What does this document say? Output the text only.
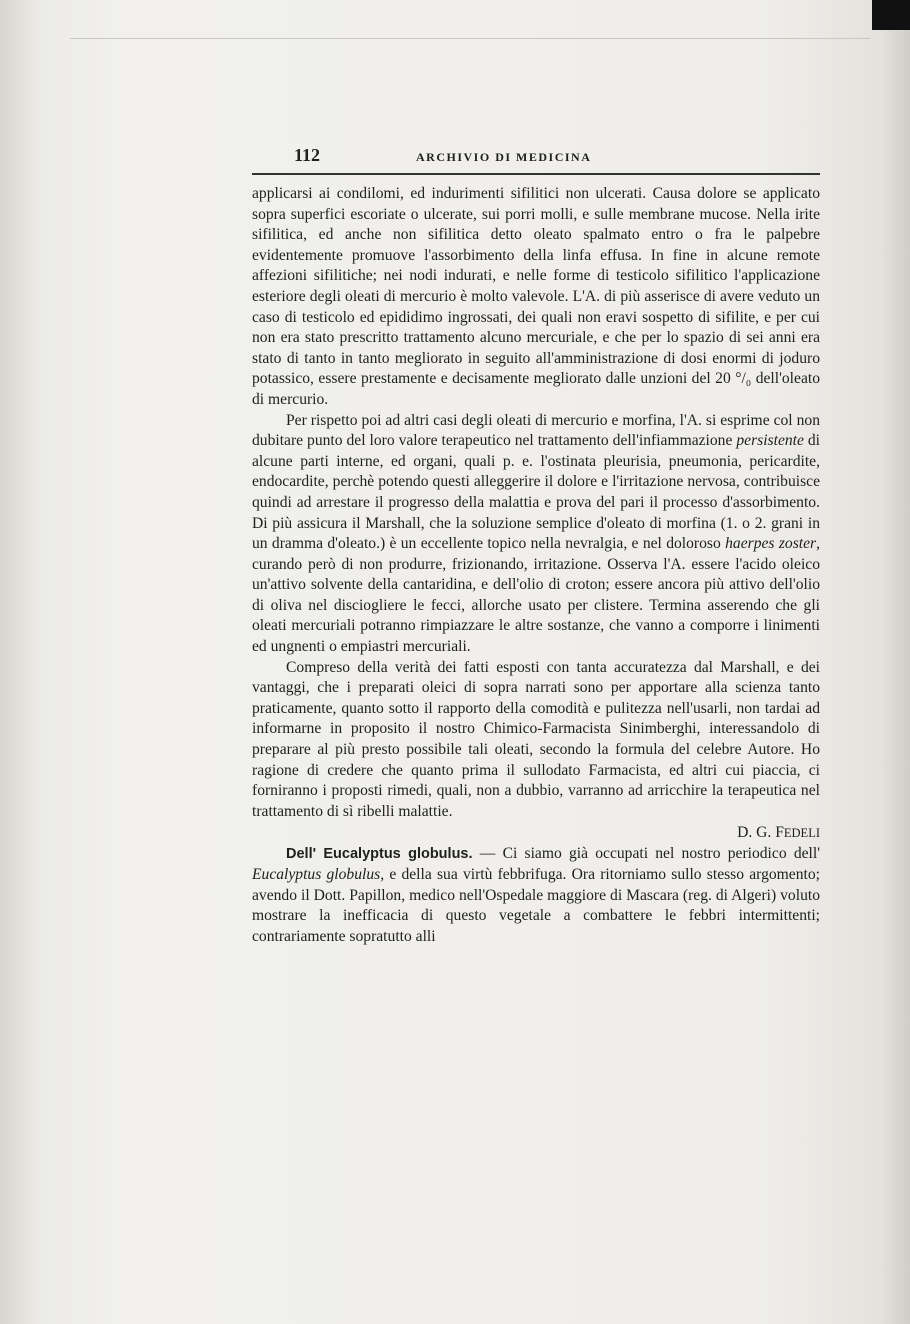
112	ARCHIVIO DI MEDICINA

applicarsi ai condilomi, ed indurimenti sifilitici non ulcerati. Causa dolore se applicato sopra superfici escoriate o ulcerate, sui porri molli, e sulle membrane mucose. Nella irite sifilitica, ed anche non sifilitica detto oleato spalmato entro o fra le palpebre evidentemente promuove l'assorbimento della linfa effusa. In fine in alcune remote affezioni sifilitiche; nei nodi indurati, e nelle forme di testicolo sifilitico l'applicazione esteriore degli oleati di mercurio è molto valevole. L'A. di più asserisce di avere veduto un caso di testicolo ed epididimo ingrossati, dei quali non eravi sospetto di sifilite, e per cui non era stato prescritto trattamento alcuno mercuriale, e che per lo spazio di sei anni era stato di tanto in tanto megliorato in seguito all'amministrazione di dosi enormi di joduro potassico, essere prestamente e decisamente megliorato dalle unzioni del 20 °/₀ dell'oleato di mercurio.

Per rispetto poi ad altri casi degli oleati di mercurio e morfina, l'A. si esprime col non dubitare punto del loro valore terapeutico nel trattamento dell'infiammazione persistente di alcune parti interne, ed organi, quali p. e. l'ostinata pleurisia, pneumonia, pericardite, endocardite, perchè potendo questi alleggerire il dolore e l'irritazione nervosa, contribuisce quindi ad arrestare il progresso della malattia e prova del pari il processo d'assorbimento. Di più assicura il Marshall, che la soluzione semplice d'oleato di morfina (1. o 2. grani in un dramma d'oleato.) è un eccellente topico nella nevralgia, e nel doloroso haerpes zoster, curando però di non produrre, frizionando, irritazione. Osserva l'A. essere l'acido oleico un'attivo solvente della cantaridina, e dell'olio di croton; essere ancora più attivo dell'olio di oliva nel disciogliere le fecci, allorche usato per clistere. Termina asserendo che gli oleati mercuriali potranno rimpiazzare le altre sostanze, che vanno a comporre i linimenti ed ungnenti o empiastri mercuriali.

Compreso della verità dei fatti esposti con tanta accuratezza dal Marshall, e dei vantaggi, che i preparati oleici di sopra narrati sono per apportare alla scienza tanto praticamente, quanto sotto il rapporto della comodità e pulitezza nell'usarli, non tardai ad informarne in proposito il nostro Chimico-Farmacista Sinimberghi, interessandolo di preparare al più presto possibile tali oleati, secondo la formula del celebre Autore. Ho ragione di credere che quanto prima il sullodato Farmacista, ed altri cui piaccia, ci forniranno i proposti rimedi, quali, non a dubbio, varranno ad arricchire la terapeutica nel trattamento di sì ribelli malattie.

D. G. FEDELI

Dell' Eucalyptus globulus. — Ci siamo già occupati nel nostro periodico dell' Eucalyptus globulus, e della sua virtù febbrifuga. Ora ritorniamo sullo stesso argomento; avendo il Dott. Papillon, medico nell'Ospedale maggiore di Mascara (reg. di Algeri) voluto mostrare la inefficacia di questo vegetale a combattere le febbri intermittenti; contrariamente sopratutto alli
